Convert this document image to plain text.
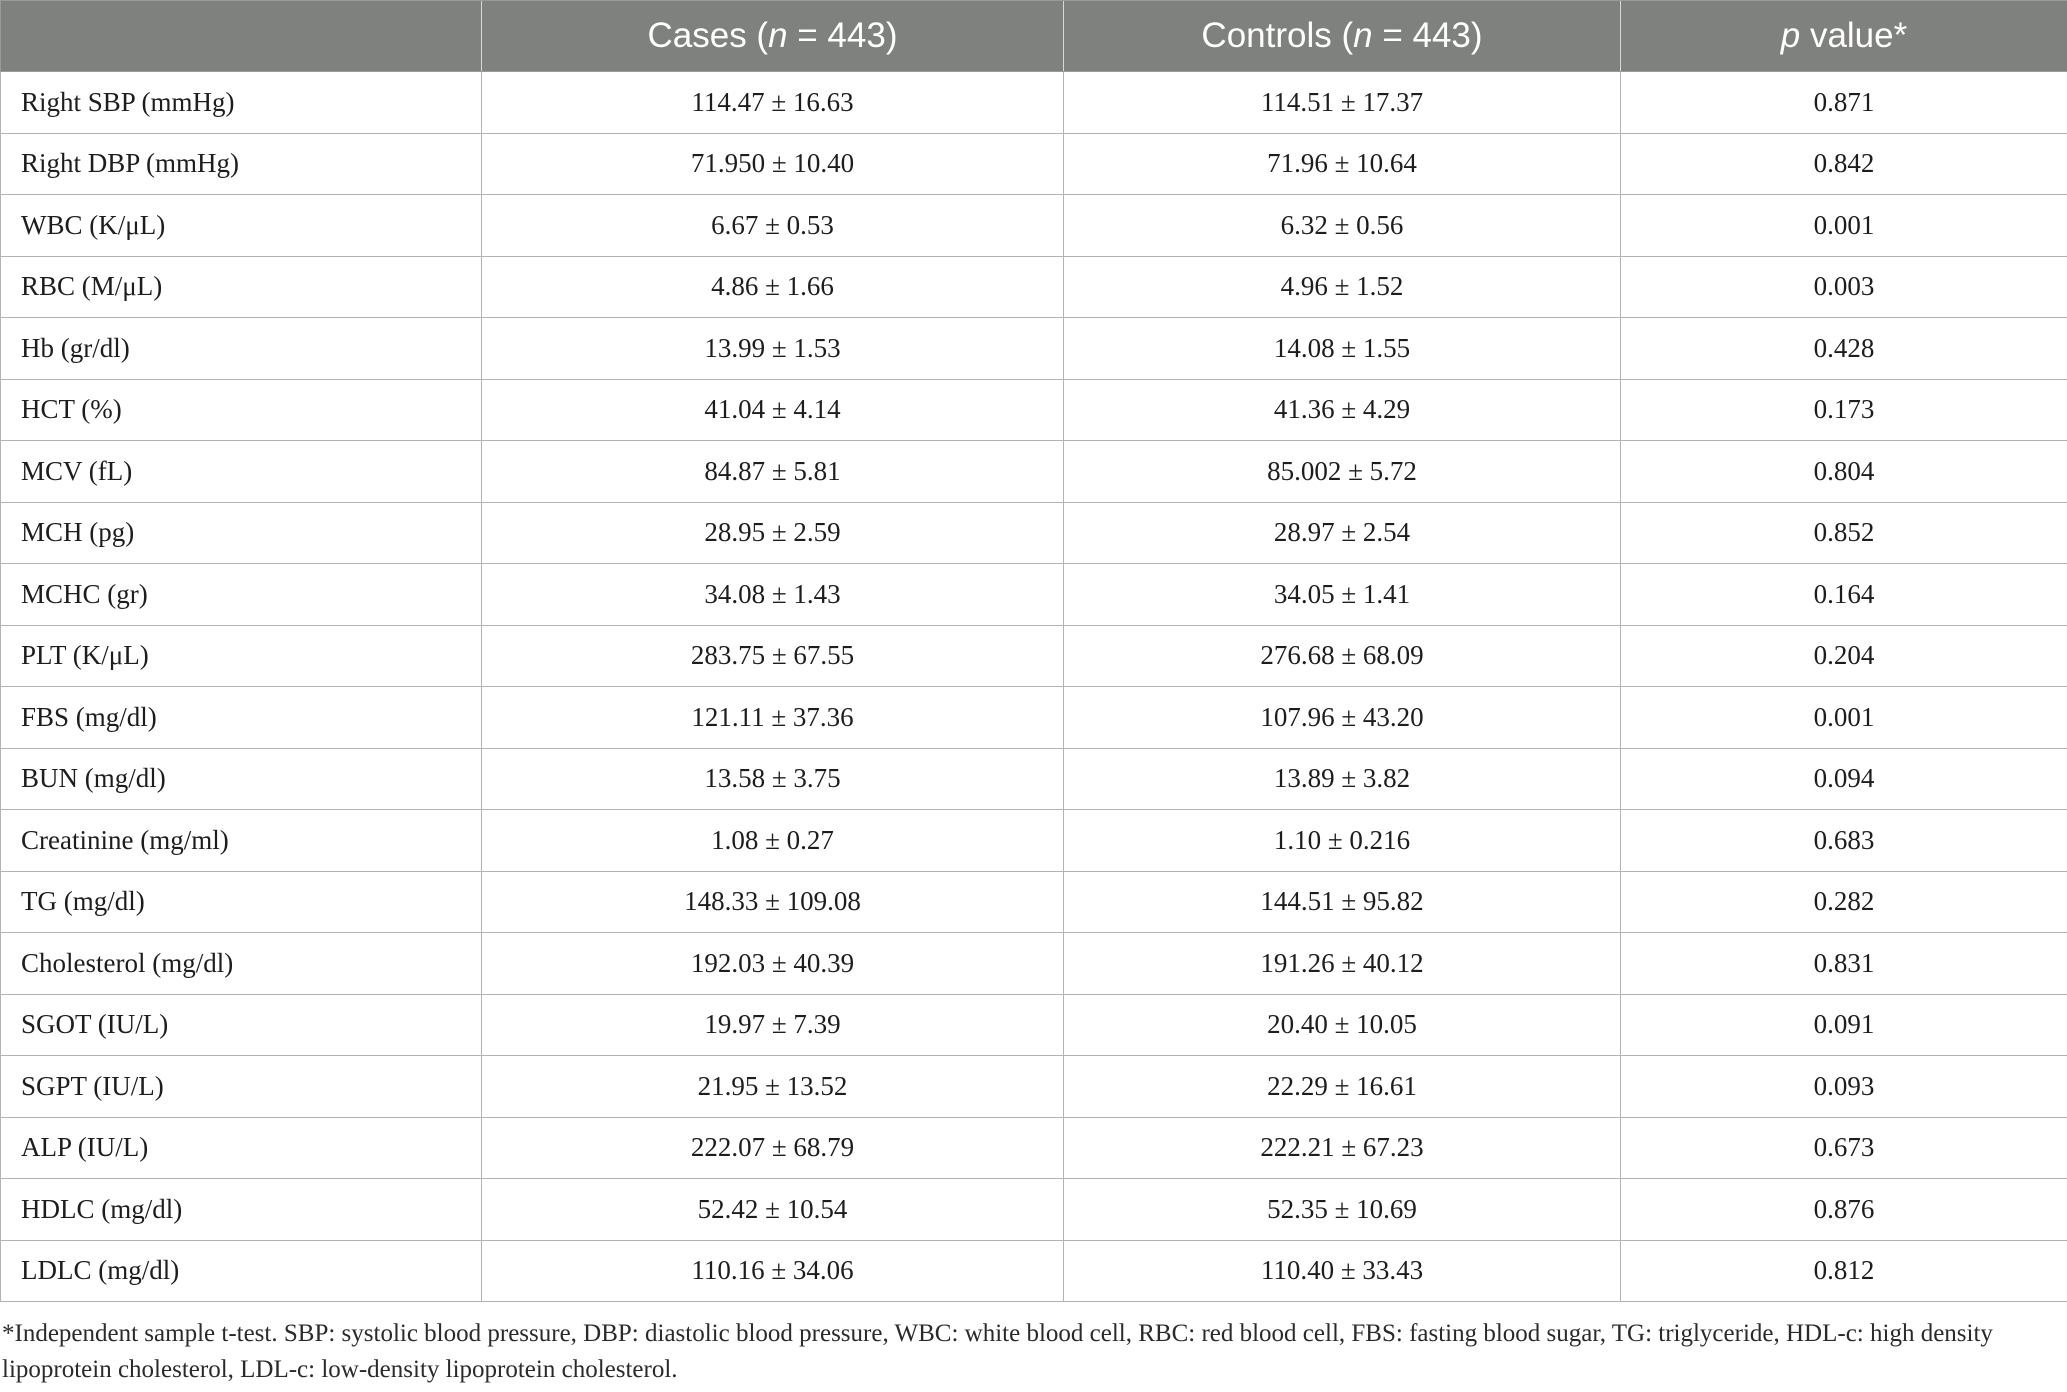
	Cases (n = 443)	Controls (n = 443)	p value*
Right SBP (mmHg)	114.47 ± 16.63	114.51 ± 17.37	0.871
Right DBP (mmHg)	71.950 ± 10.40	71.96 ± 10.64	0.842
WBC (K/μL)	6.67 ± 0.53	6.32 ± 0.56	0.001
RBC (M/μL)	4.86 ± 1.66	4.96 ± 1.52	0.003
Hb (gr/dl)	13.99 ± 1.53	14.08 ± 1.55	0.428
HCT (%)	41.04 ± 4.14	41.36 ± 4.29	0.173
MCV (fL)	84.87 ± 5.81	85.002 ± 5.72	0.804
MCH (pg)	28.95 ± 2.59	28.97 ± 2.54	0.852
MCHC (gr)	34.08 ± 1.43	34.05 ± 1.41	0.164
PLT (K/μL)	283.75 ± 67.55	276.68 ± 68.09	0.204
FBS (mg/dl)	121.11 ± 37.36	107.96 ± 43.20	0.001
BUN (mg/dl)	13.58 ± 3.75	13.89 ± 3.82	0.094
Creatinine (mg/ml)	1.08 ± 0.27	1.10 ± 0.216	0.683
TG (mg/dl)	148.33 ± 109.08	144.51 ± 95.82	0.282
Cholesterol (mg/dl)	192.03 ± 40.39	191.26 ± 40.12	0.831
SGOT (IU/L)	19.97 ± 7.39	20.40 ± 10.05	0.091
SGPT (IU/L)	21.95 ± 13.52	22.29 ± 16.61	0.093
ALP (IU/L)	222.07 ± 68.79	222.21 ± 67.23	0.673
HDLC (mg/dl)	52.42 ± 10.54	52.35 ± 10.69	0.876
LDLC (mg/dl)	110.16 ± 34.06	110.40 ± 33.43	0.812
*Independent sample t-test. SBP: systolic blood pressure, DBP: diastolic blood pressure, WBC: white blood cell, RBC: red blood cell, FBS: fasting blood sugar, TG: triglyceride, HDL-c: high density lipoprotein cholesterol, LDL-c: low-density lipoprotein cholesterol.
